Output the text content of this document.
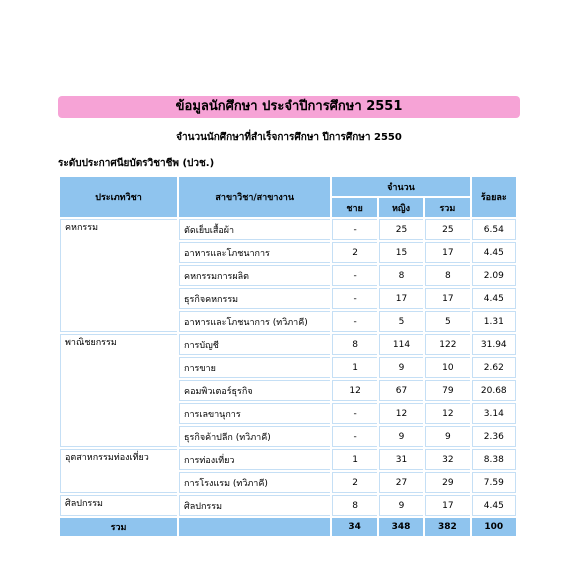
ข้อมูลนักศึกษา ประจำปีการศึกษา 2551
จำนวนนักศึกษาที่สำเร็จการศึกษา ปีการศึกษา 2550
ระดับประกาศนียบัตรวิชาชีพ (ปวช.)
ประเภทวิชา	สาขาวิชา/สาขางาน	จำนวน			ร้อยละ
		ชาย	หญิง	รวม	
คหกรรม	ตัดเย็บเสื้อผ้า	-	25	25	6.54
	อาหารและโภชนาการ	2	15	17	4.45
	คหกรรมการผลิต	-	8	8	2.09
	ธุรกิจคหกรรม	-	17	17	4.45
	อาหารและโภชนาการ (ทวิภาคี)	-	5	5	1.31
พาณิชยกรรม	การบัญชี	8	114	122	31.94
	การขาย	1	9	10	2.62
	คอมพิวเตอร์ธุรกิจ	12	67	79	20.68
	การเลขานุการ	-	12	12	3.14
	ธุรกิจค้าปลีก (ทวิภาคี)	-	9	9	2.36
อุตสาหกรรมท่องเที่ยว	การท่องเที่ยว	1	31	32	8.38
	การโรงแรม (ทวิภาคี)	2	27	29	7.59
ศิลปกรรม	ศิลปกรรม	8	9	17	4.45
รวม		34	348	382	100
